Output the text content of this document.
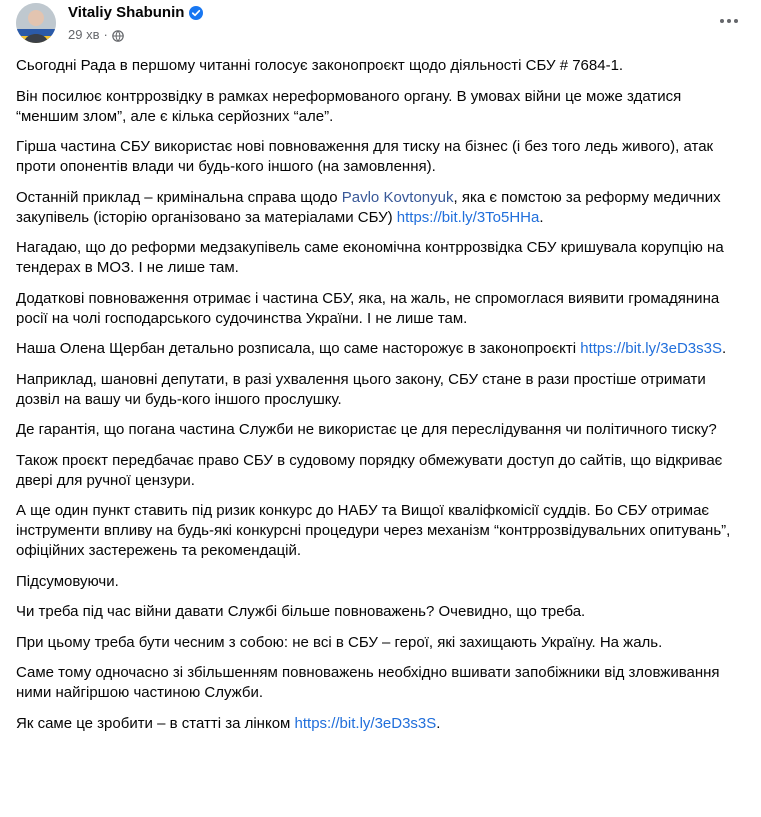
Vitaliy Shabunin
29 хв ·
Сьогодні Рада в першому читанні голосує законопроєкт щодо діяльності СБУ # 7684-1.
Він посилює контррозвідку в рамках нереформованого органу. В умовах війни це може здатися “меншим злом”, але є кілька серйозних “але”.
Гірша частина СБУ використає нові повноваження для тиску на бізнес (і без того ледь живого), атак проти опонентів влади чи будь-кого іншого (на замовлення).
Останній приклад – кримінальна справа щодо Pavlo Kovtonyuk, яка є помстою за реформу медичних закупівель (історію організовано за матеріалами СБУ) https://bit.ly/3To5HHa.
Нагадаю, що до реформи медзакупівель саме економічна контррозвідка СБУ кришувала корупцію на тендерах в МОЗ. І не лише там.
Додаткові повноваження отримає і частина СБУ, яка, на жаль, не спромоглася виявити громадянина росії на чолі господарського судочинства України. І не лише там.
Наша Олена Щербан детально розписала, що саме насторожує в законопроєкті https://bit.ly/3eD3s3S.
Наприклад, шановні депутати, в разі ухвалення цього закону, СБУ стане в рази простіше отримати дозвіл на вашу чи будь-кого іншого прослушку.
Де гарантія, що погана частина Служби не використає це для переслідування чи політичного тиску?
Також проєкт передбачає право СБУ в судовому порядку обмежувати доступ до сайтів, що відкриває двері для ручної цензури.
А ще один пункт ставить під ризик конкурс до НАБУ та Вищої кваліфкомісії суддів. Бо СБУ отримає інструменти впливу на будь-які конкурсні процедури через механізм “контррозвідувальних опитувань”, офіційних застережень та рекомендацій.
Підсумовуючи.
Чи треба під час війни давати Службі більше повноважень? Очевидно, що треба.
При цьому треба бути чесним з собою: не всі в СБУ – герої, які захищають Україну. На жаль.
Саме тому одночасно зі збільшенням повноважень необхідно вшивати запобіжники від зловживання ними найгіршою частиною Служби.
Як саме це зробити – в статті за лінком https://bit.ly/3eD3s3S.
